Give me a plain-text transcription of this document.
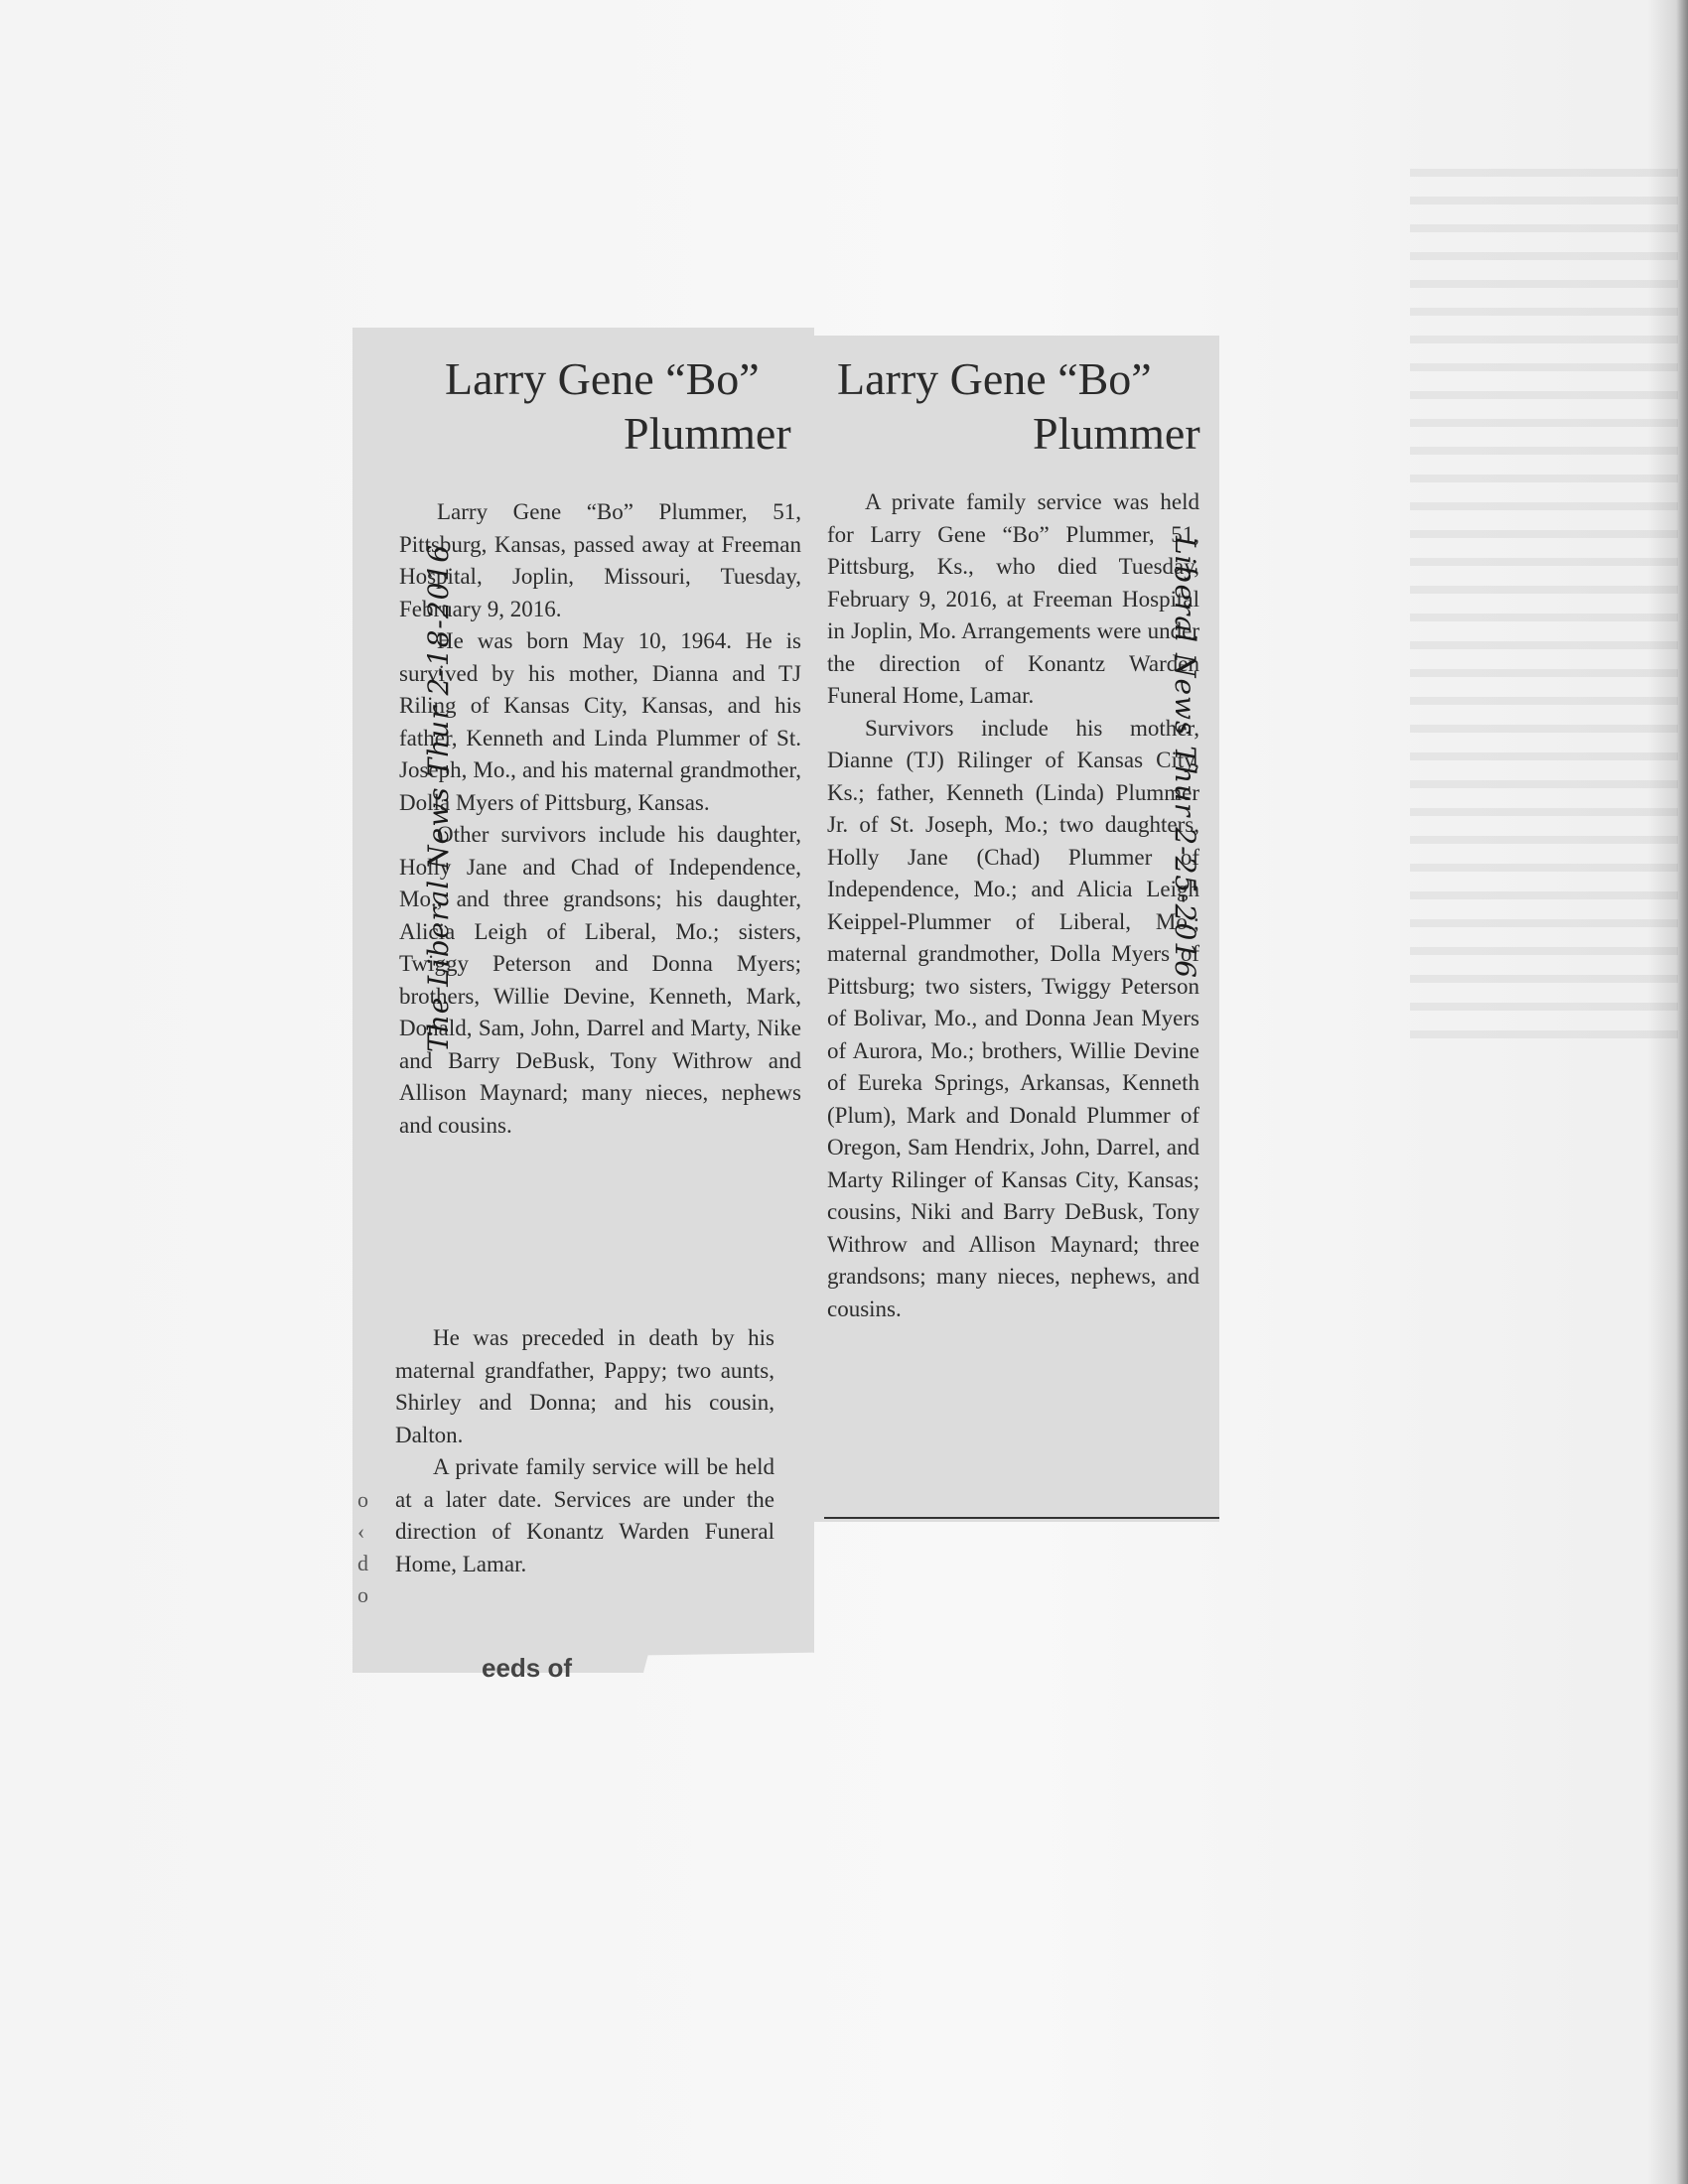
Larry Gene “Bo”
Plummer

Larry Gene “Bo” Plummer, 51, Pittsburg, Kansas, passed away at Freeman Hospital, Joplin, Missouri, Tuesday, February 9, 2016.

He was born May 10, 1964. He is survived by his mother, Dianna and TJ Riling of Kansas City, Kansas, and his father, Kenneth and Linda Plummer of St. Joseph, Mo., and his maternal grandmother, Dolla Myers of Pittsburg, Kansas.

Other survivors include his daughter, Holly Jane and Chad of Independence, Mo., and three grandsons; his daughter, Alicia Leigh of Liberal, Mo.; sisters, Twiggy Peterson and Donna Myers; brothers, Willie Devine, Kenneth, Mark, Donald, Sam, John, Darrel and Marty, Nike and Barry DeBusk, Tony Withrow and Allison Maynard; many nieces, nephews and cousins.

He was preceded in death by his maternal grandfather, Pappy; two aunts, Shirley and Donna; and his cousin, Dalton.

A private family service will be held at a later date. Services are under the direction of Konantz Warden Funeral Home, Lamar.

o
‹
d
o
eeds of
The Liberal News Thur 2-18-2016
Larry Gene “Bo”
Plummer

A private family service was held for Larry Gene “Bo” Plummer, 51, Pittsburg, Ks., who died Tuesday, February 9, 2016, at Freeman Hospital in Joplin, Mo. Arrangements were under the direction of Konantz Warden Funeral Home, Lamar.

Survivors include his mother, Dianne (TJ) Rilinger of Kansas City, Ks.; father, Kenneth (Linda) Plummer Jr. of St. Joseph, Mo.; two daughters, Holly Jane (Chad) Plummer of Independence, Mo.; and Alicia Leigh Keippel-Plummer of Liberal, Mo.; maternal grandmother, Dolla Myers of Pittsburg; two sisters, Twiggy Peterson of Bolivar, Mo., and Donna Jean Myers of Aurora, Mo.; brothers, Willie Devine of Eureka Springs, Arkansas, Kenneth (Plum), Mark and Donald Plummer of Oregon, Sam Hendrix, John, Darrel, and Marty Rilinger of Kansas City, Kansas; cousins, Niki and Barry DeBusk, Tony Withrow and Allison Maynard; three grandsons; many nieces, nephews, and cousins.

Liberal News Thur 2-25-2016
